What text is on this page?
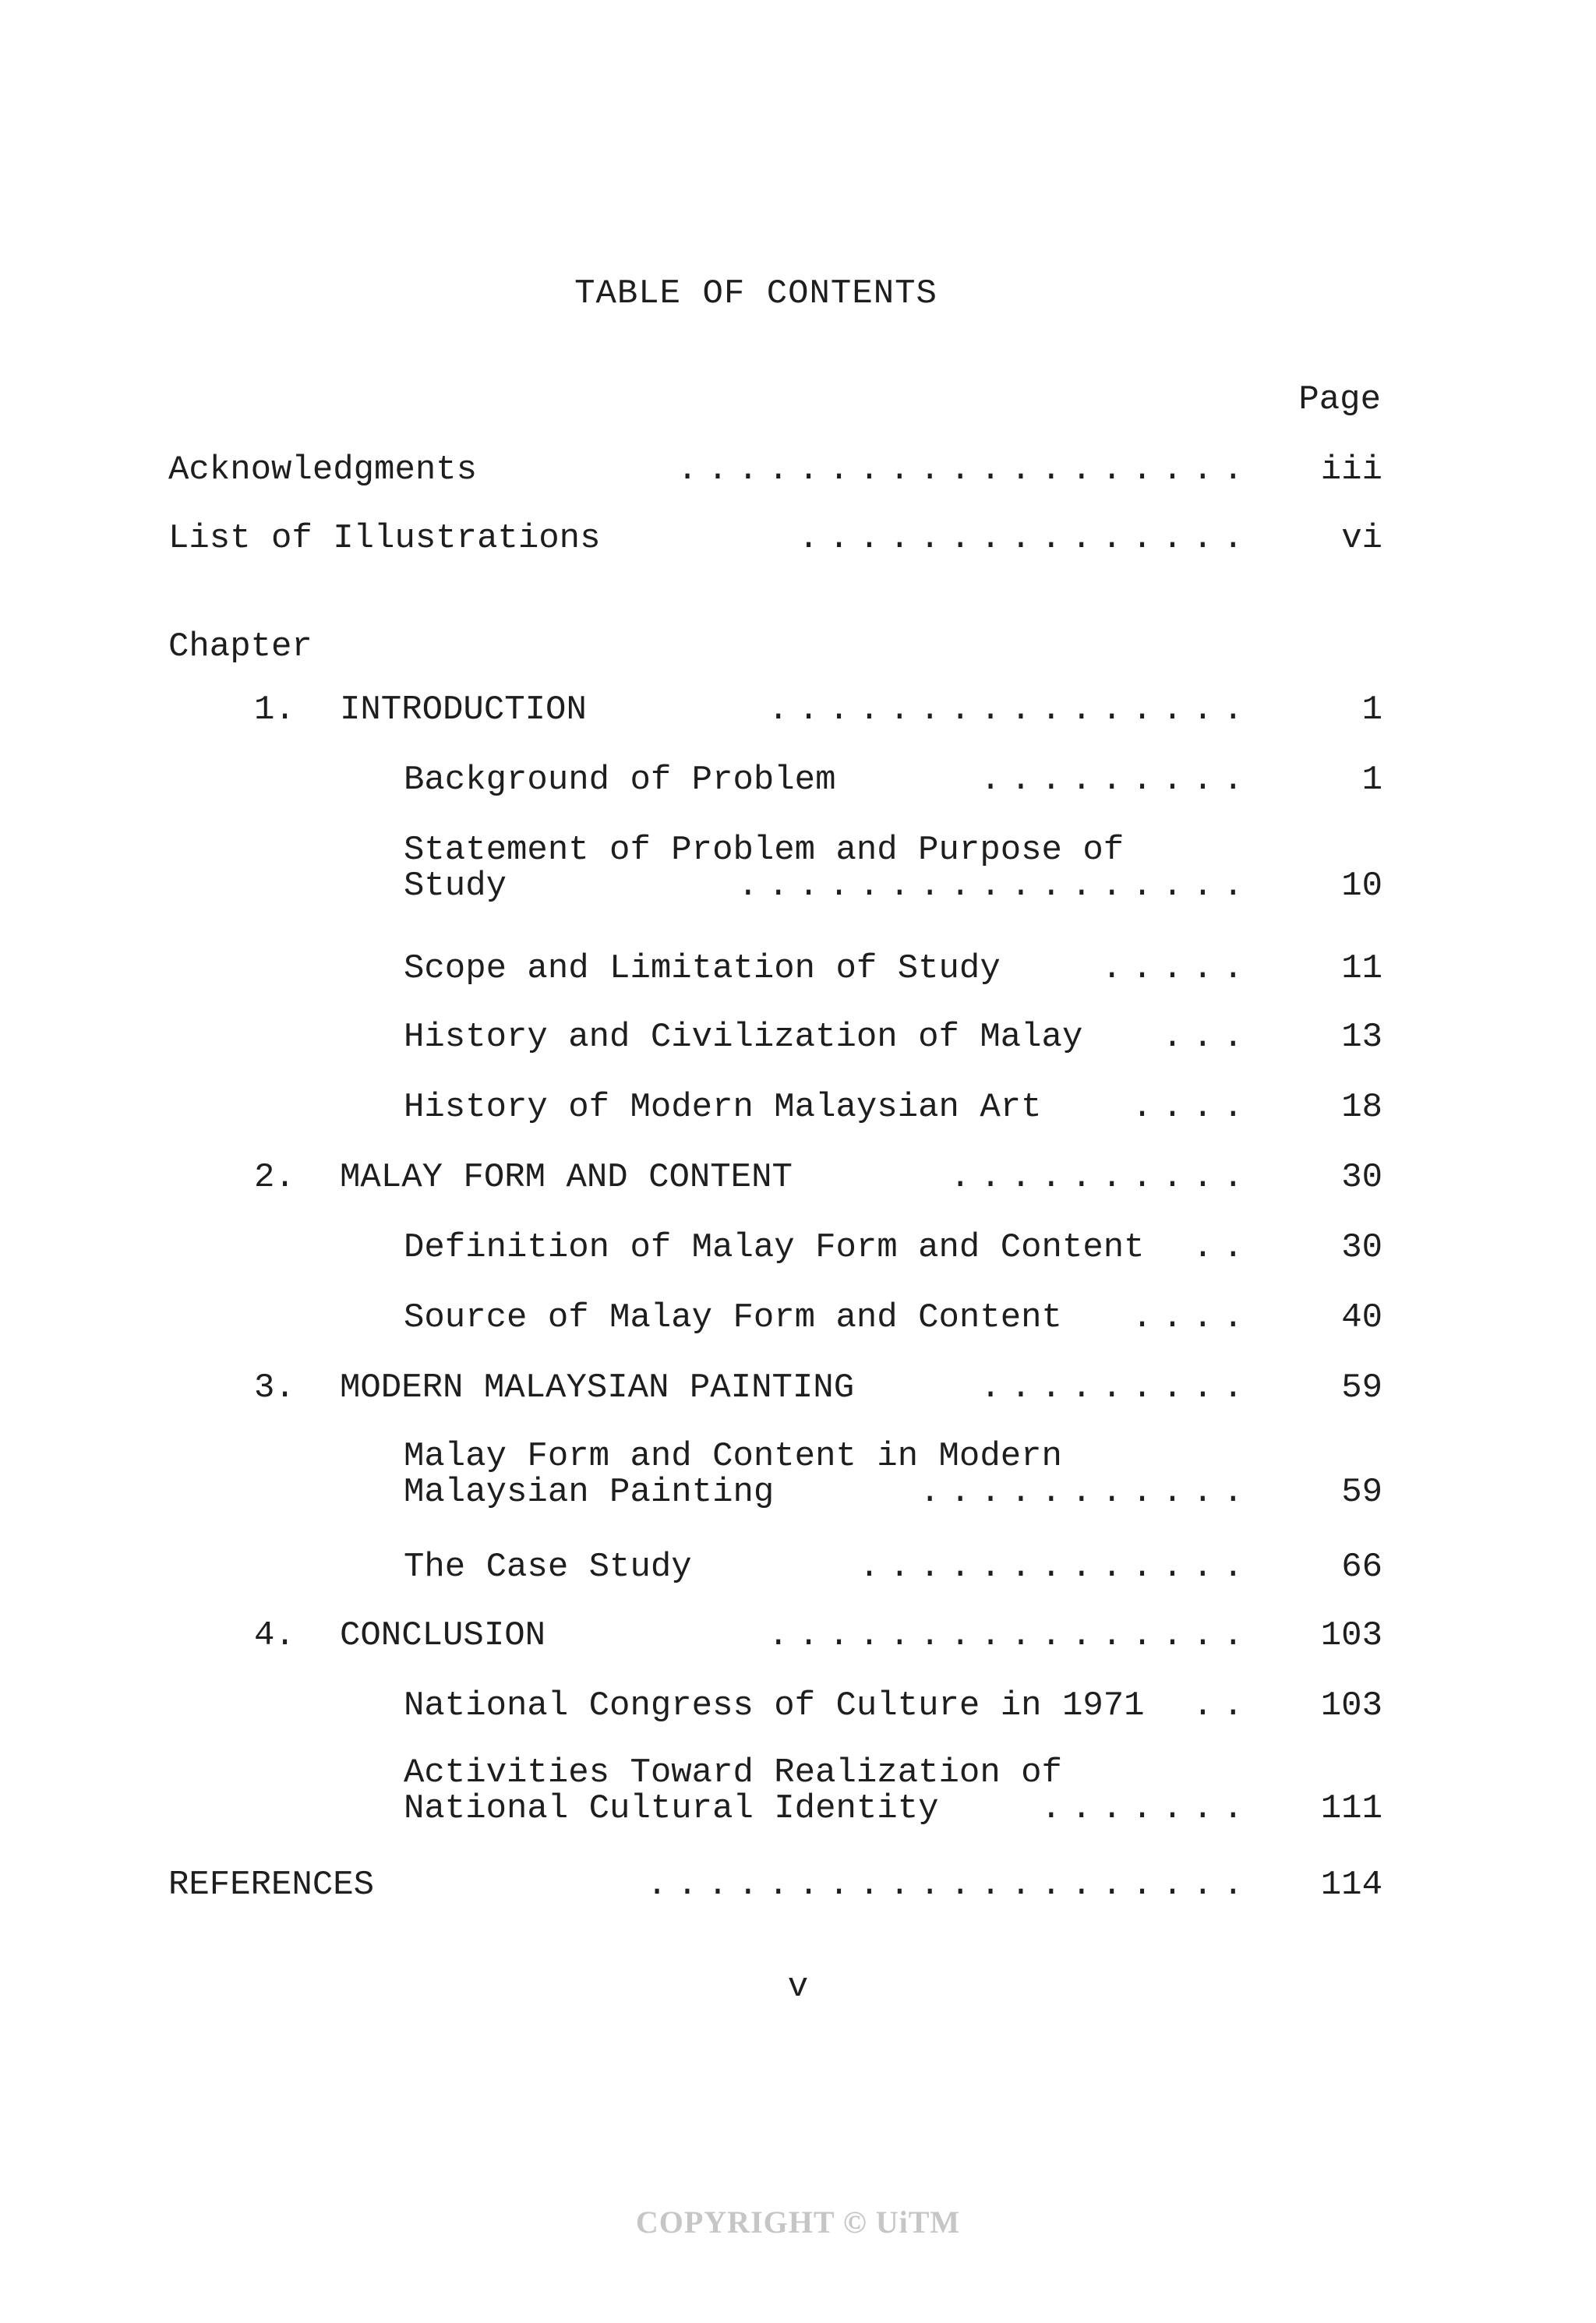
TABLE OF CONTENTS
Page
Chapter
Acknowledgments	................... iii
List of Illustrations	...............	vi
1. INTRODUCTION	................	1
Background of Problem	.........	1
Statement of Problem and Purpose of
Study	.................	10
Scope and Limitation of Study	.....	11
History and Civilization of Malay ...	13
History of Modern Malaysian Art	....	18
2. MALAY FORM AND CONTENT	..........	30
Definition of Malay Form and Content ..	30
Source of Malay Form and Content ....	40
3. MODERN MALAYSIAN PAINTING	.........	59
Malay Form and Content in Modern
Malaysian Painting	...........	59
The Case Study	.............	66
4. CONCLUSION	................ 103
National Congress of Culture in 1971 .. 103
Activities Toward Realization of
National Cultural Identity	....... 111
REFERENCES	.................... 114
v
COPYRIGHT © UiTM
